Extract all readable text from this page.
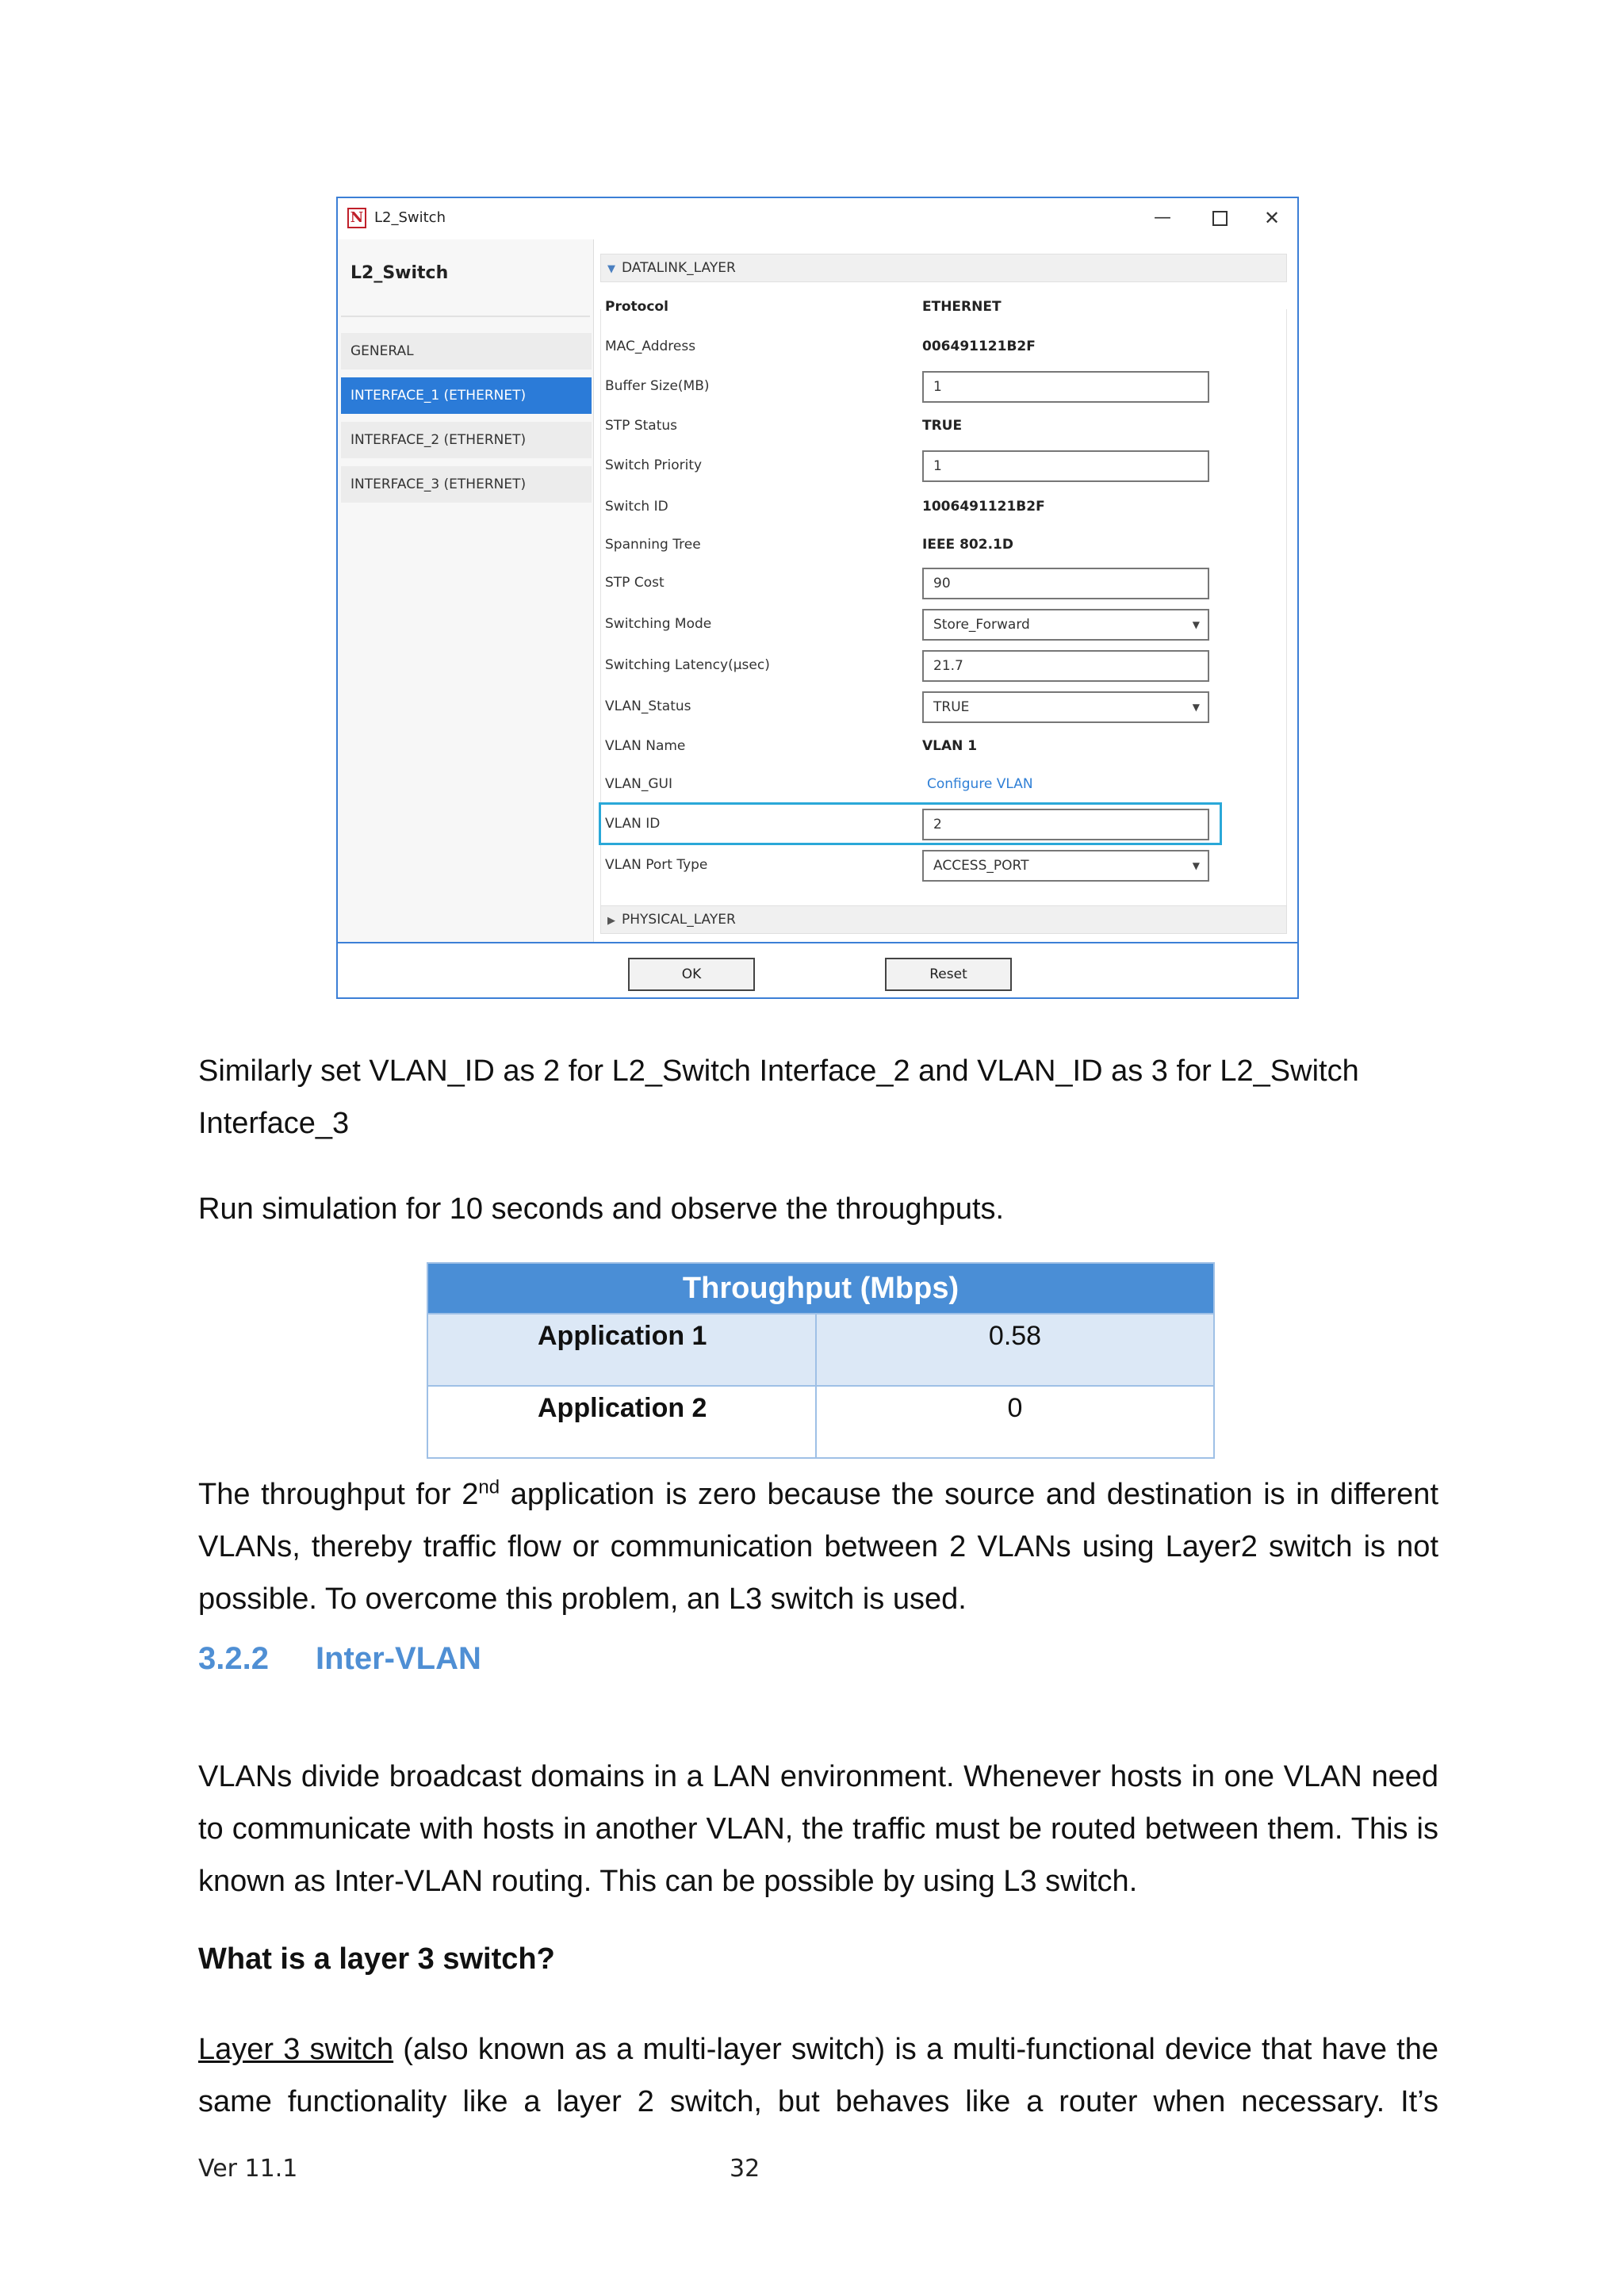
N L2_Switch	—	✕
L2_Switch
GENERAL
INTERFACE_1 (ETHERNET)
INTERFACE_2 (ETHERNET)
INTERFACE_3 (ETHERNET)
▼ DATALINK_LAYER
Protocol	ETHERNET
MAC_Address	006491121B2F
Buffer Size(MB)	1
STP Status	TRUE
Switch Priority	1
Switch ID	1006491121B2F
Spanning Tree	IEEE 802.1D
STP Cost	90
Switching Mode	Store_Forward	▼
Switching Latency(µsec)	21.7
VLAN_Status	TRUE	▼
VLAN Name	VLAN 1
VLAN_GUI	Configure VLAN
VLAN ID	2
VLAN Port Type	ACCESS_PORT	▼
▶ PHYSICAL_LAYER
OK	Reset
Similarly set VLAN_ID as 2 for L2_Switch Interface_2 and VLAN_ID as 3 for L2_Switch
Interface_3
Run simulation for 10 seconds and observe the throughputs.
Throughput (Mbps)	
Application 1	0.58
Application 2	0
The throughput for 2nd application is zero because the source and destination is in different VLANs, thereby traffic flow or communication between 2 VLANs using Layer2 switch is not possible. To overcome this problem, an L3 switch is used.
3.2.2 Inter-VLAN
VLANs divide broadcast domains in a LAN environment. Whenever hosts in one VLAN need to communicate with hosts in another VLAN, the traffic must be routed between them. This is known as Inter-VLAN routing. This can be possible by using L3 switch.
What is a layer 3 switch?
Layer 3 switch (also known as a multi-layer switch) is a multi-functional device that have the same functionality like a layer 2 switch, but behaves like a router when necessary. It’s
Ver 11.1	32
